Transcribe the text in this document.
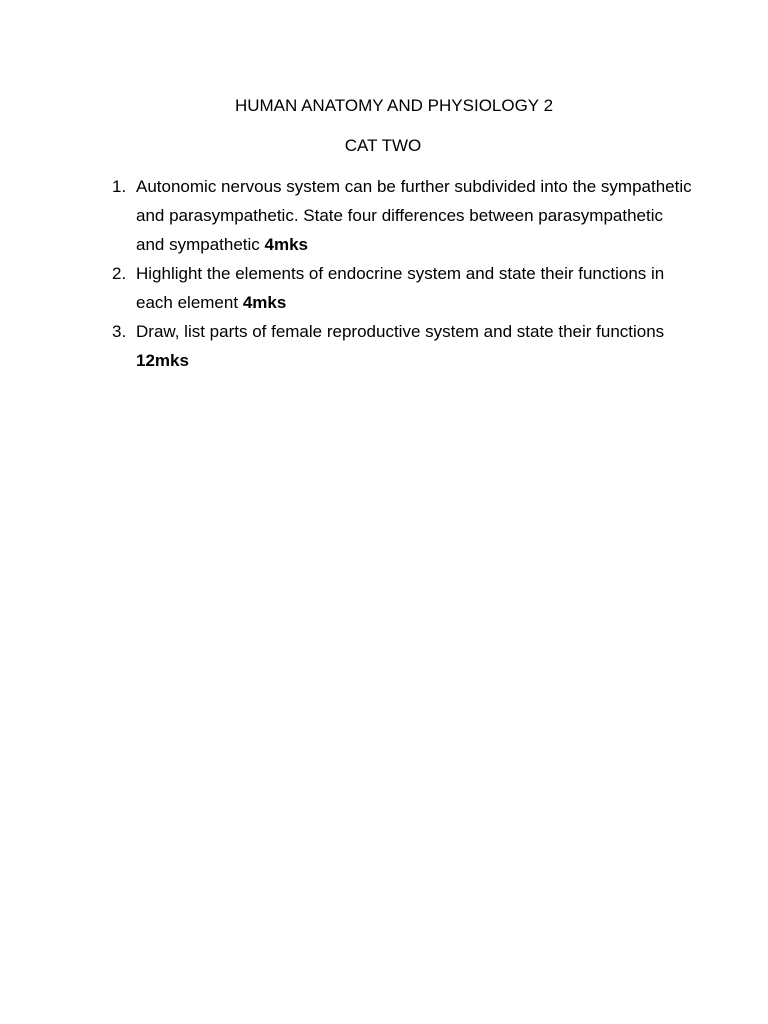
HUMAN ANATOMY AND PHYSIOLOGY 2

CAT TWO

1. Autonomic nervous system can be further subdivided into the sympathetic and parasympathetic. State four differences between parasympathetic and sympathetic 4mks
2. Highlight the elements of endocrine system and state their functions in each element 4mks
3. Draw, list parts of female reproductive system and state their functions 12mks
